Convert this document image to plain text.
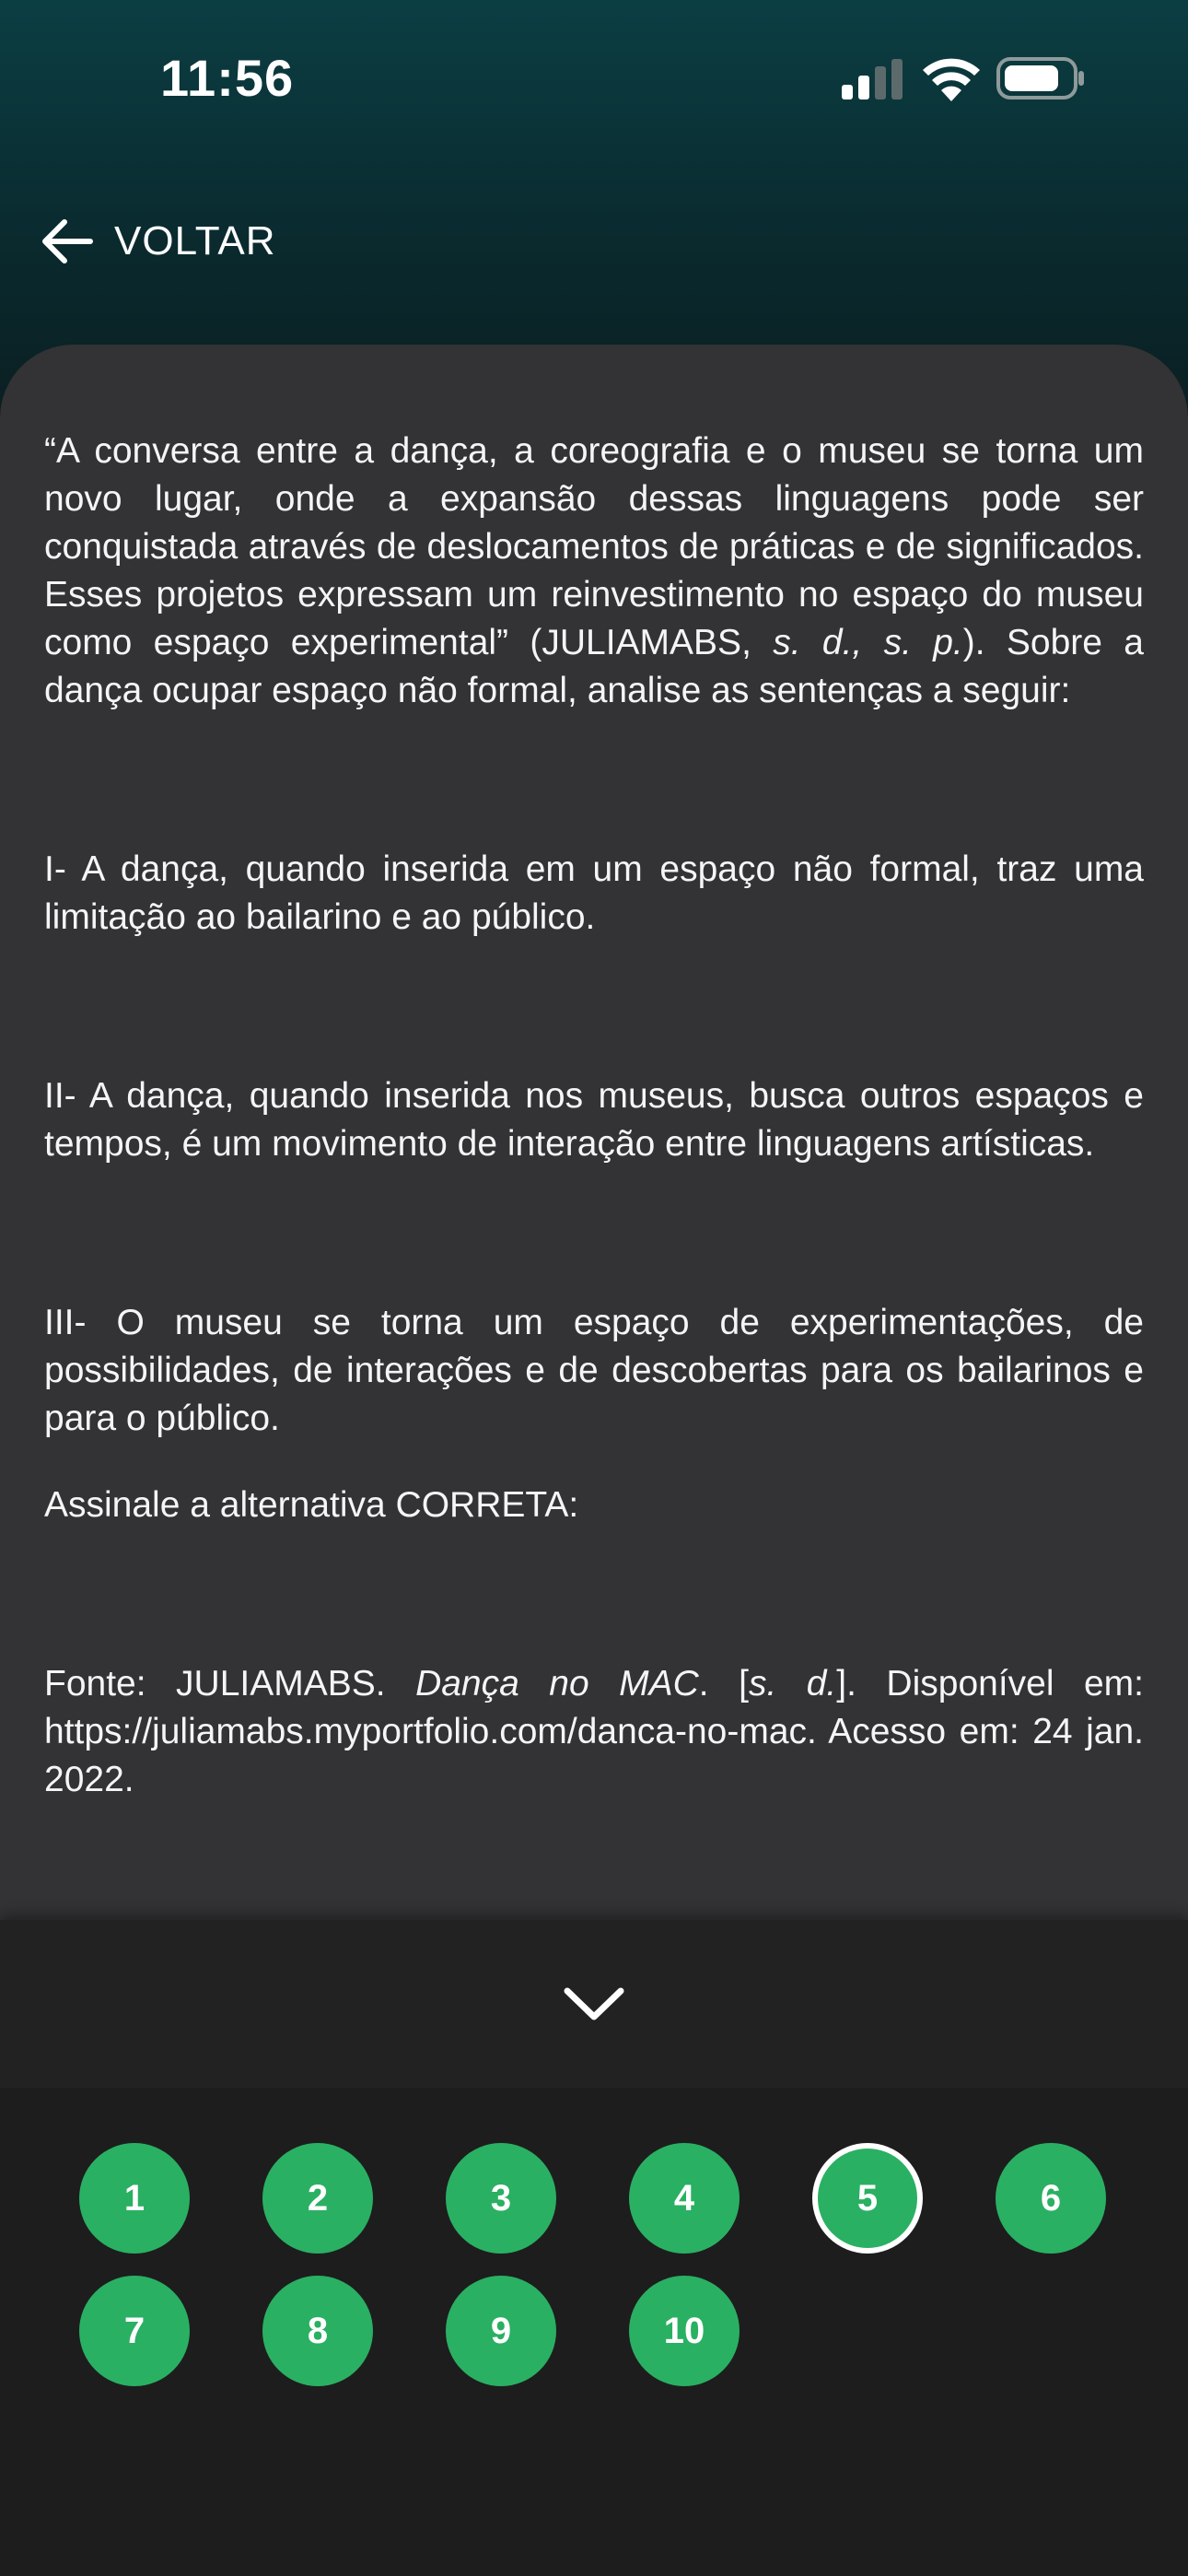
11:56
VOLTAR

“A conversa entre a dança, a coreografia e o museu se torna um novo lugar, onde a expansão dessas linguagens pode ser conquistada através de deslocamentos de práticas e de significados. Esses projetos expressam um reinvestimento no espaço do museu como espaço experimental” (JULIAMABS, s. d., s. p.). Sobre a dança ocupar espaço não formal, analise as sentenças a seguir:

I- A dança, quando inserida em um espaço não formal, traz uma limitação ao bailarino e ao público.

II- A dança, quando inserida nos museus, busca outros espaços e tempos, é um movimento de interação entre linguagens artísticas.

III- O museu se torna um espaço de experimentações, de possibilidades, de interações e de descobertas para os bailarinos e para o público.

Assinale a alternativa CORRETA:

Fonte: JULIAMABS. Dança no MAC. [s. d.]. Disponível em: https://juliamabs.myportfolio.com/danca-no-mac. Acesso em: 24 jan. 2022.

1	2	3	4	5	6
7	8	9	10
